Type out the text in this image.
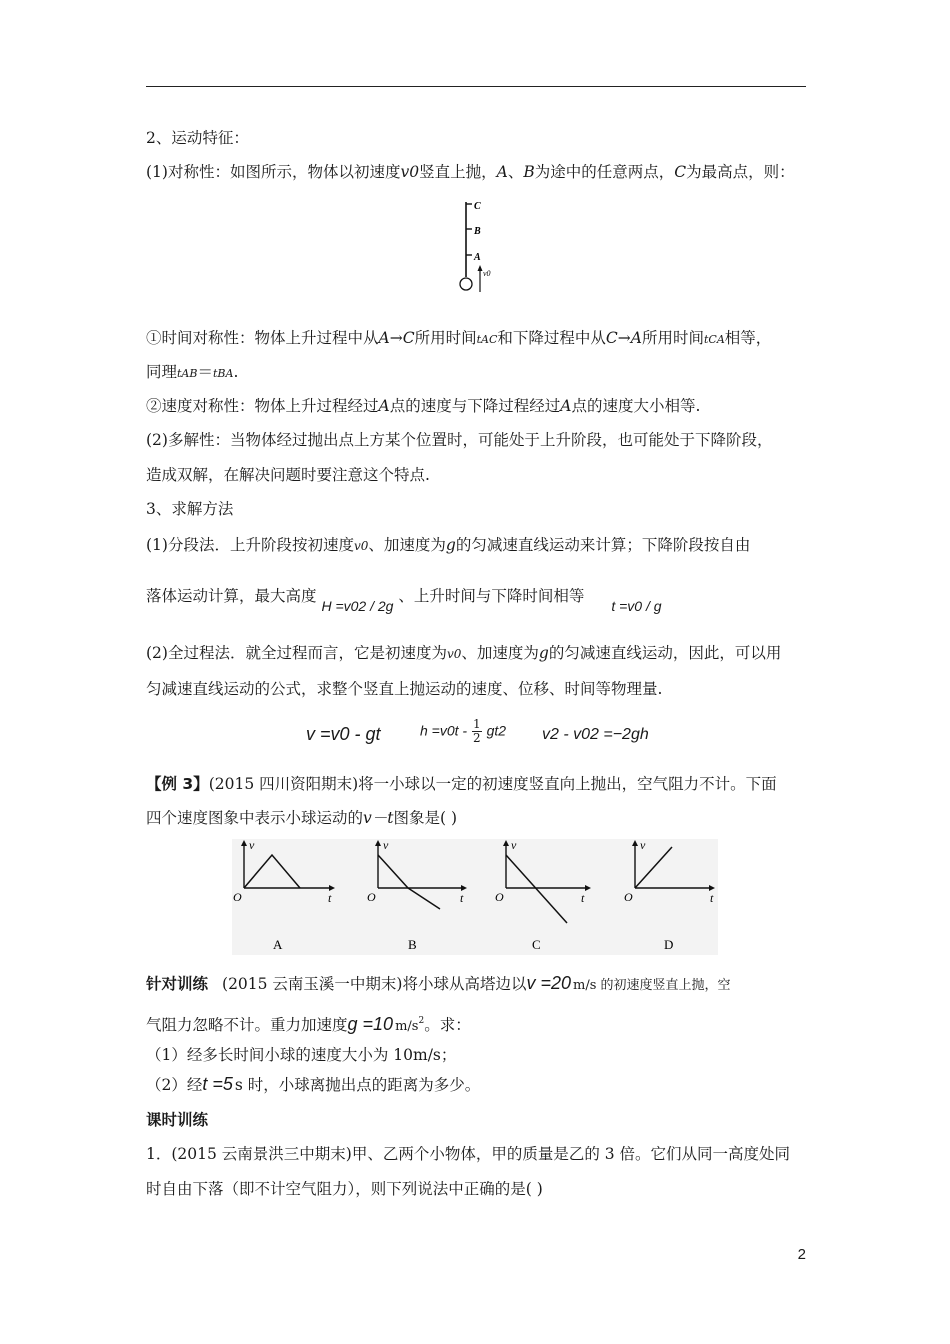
2、运动特征：
(1)对称性：如图所示，物体以初速度v0竖直上抛，A、B为途中的任意两点，C为最高点，则：
C
B
A
v0
①时间对称性：物体上升过程中从A→C所用时间tAC和下降过程中从C→A所用时间tCA相等，
同理tAB＝tBA.
②速度对称性：物体上升过程经过A点的速度与下降过程经过A点的速度大小相等.
(2)多解性：当物体经过抛出点上方某个位置时，可能处于上升阶段，也可能处于下降阶段，
造成双解，在解决问题时要注意这个特点.
3、求解方法
(1)分段法．上升阶段按初速度v0、加速度为g的匀减速直线运动来计算；下降阶段按自由
落体运动计算，最大高度 H =v02 / 2g 、上升时间与下降时间相等 t =v0 / g
(2)全过程法．就全过程而言，它是初速度为v0、加速度为g的匀减速直线运动，因此，可以用
匀减速直线运动的公式，求整个竖直上抛运动的速度、位移、时间等物理量.
v =v0 - gt	$h =v0t - \frac{1}{2} gt2$ v2 - v02 =−2gh
【例 3】(2015 四川资阳期末)将一小球以一定的初速度竖直向上抛出，空气阻力不计。下面
四个速度图象中表示小球运动的v－t图象是( )
v
O	t
A
v
O	t
B
v
O	t
C
v
O	t
D
针对训练 (2015 云南玉溪一中期末)将小球从高塔边以v =20 m/s 的初速度竖直上抛，空
气阻力忽略不计。重力加速度g =10 $m/s^2$。求：
（1）经多长时间小球的速度大小为 10m/s；
（2）经t =5 s 时，小球离抛出点的距离为多少。
课时训练
1．(2015 云南景洪三中期末)甲、乙两个小物体，甲的质量是乙的 3 倍。它们从同一高度处同
时自由下落（即不计空气阻力），则下列说法中正确的是( )
2
